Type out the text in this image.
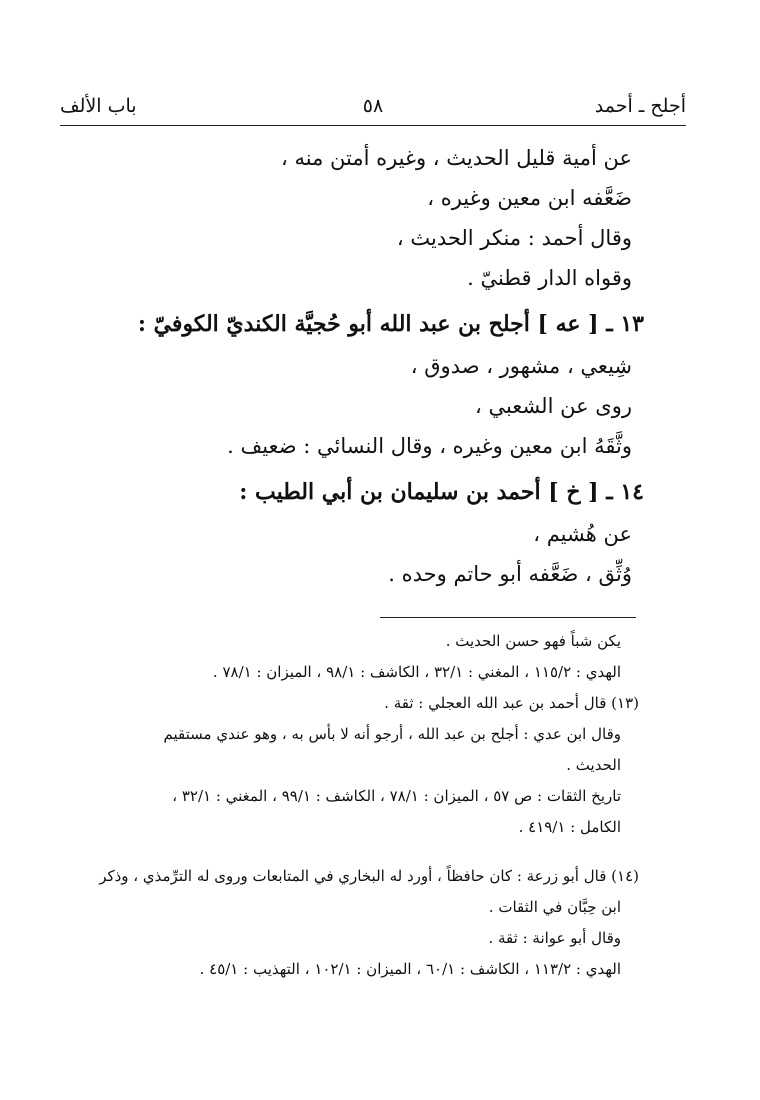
أجلح ـ أحمد
٥٨
باب الألف
عن أمية قليل الحديث ، وغيره أمتن منه ،
ضَعَّفه ابن معين وغيره ،
وقال أحمد : منكر الحديث ،
وقواه الدار قطنيّ .
١٣ ـ [ عه ] أجلح بن عبد الله أبو حُجيَّة الكنديّ الكوفيّ :
شِيعي ، مشهور ، صدوق ،
روى عن الشعبي ،
وثَّقَهُ ابن معين وغيره ، وقال النسائي : ضعيف .
١٤ ـ [ خ ] أحمد بن سليمان بن أبي الطيب :
عن هُشيم ،
وُثِّق ، ضَعَّفه أبو حاتم وحده .
يكن شباً فهو حسن الحديث .
الهدي : ١١٥/٢ ، المغني : ٣٢/١ ، الكاشف : ٩٨/١ ، الميزان : ٧٨/١ .
(١٣) قال أحمد بن عبد الله العجلي : ثقة .
وقال ابن عدي : أجلح بن عبد الله ، أرجو أنه لا بأس به ، وهو عندي مستقيم
الحديث .
تاريخ الثقات : ص ٥٧ ، الميزان : ٧٨/١ ، الكاشف : ٩٩/١ ، المغني : ٣٢/١ ،
الكامل : ٤١٩/١ .
(١٤) قال أبو زرعة : كان حافظاً ، أورد له البخاري في المتابعات وروى له الترِّمذي ، وذكر
ابن حِبَّان في الثقات .
وقال أبو عوانة : ثقة .
الهدي : ١١٣/٢ ، الكاشف : ٦٠/١ ، الميزان : ١٠٢/١ ، التهذيب : ٤٥/١ .
